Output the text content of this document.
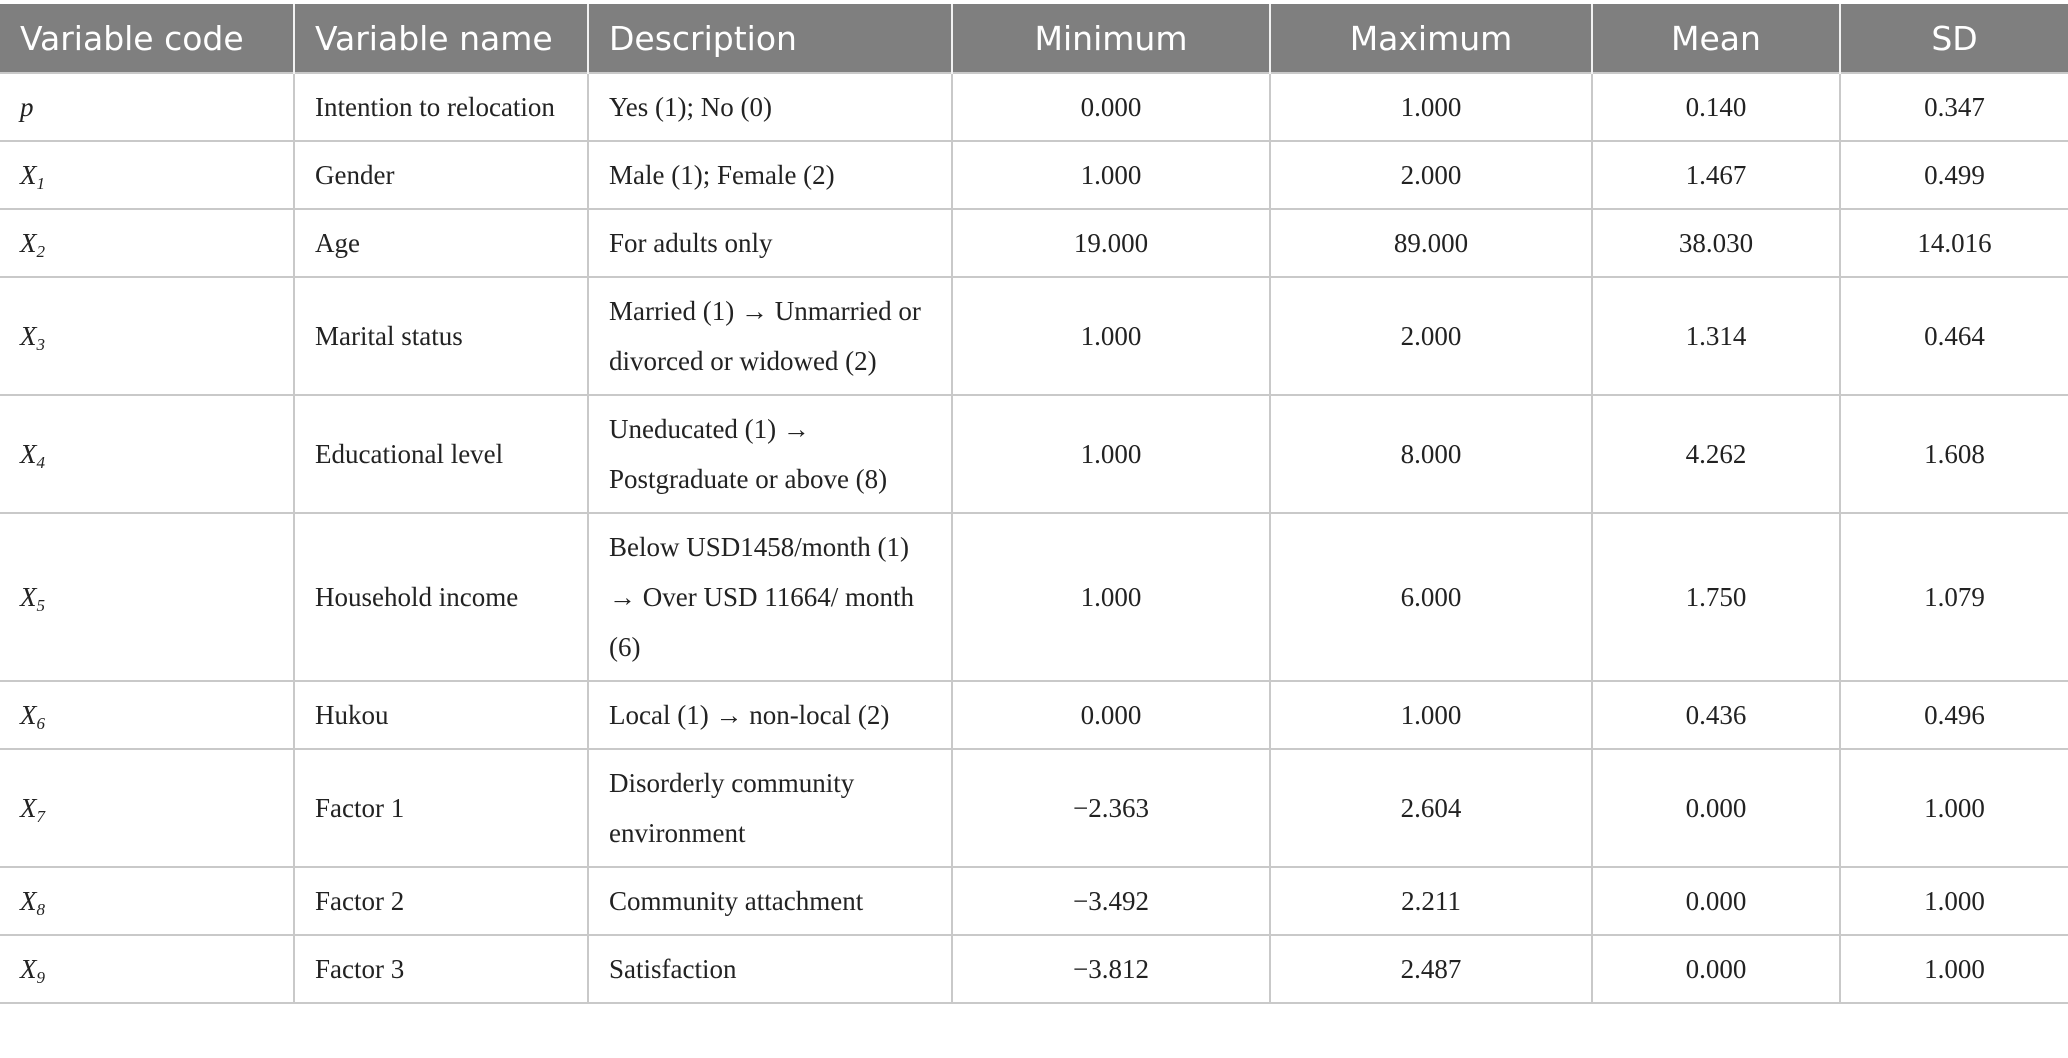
Variable code	Variable name	Description	Minimum	Maximum	Mean	SD
p	Intention to relocation	Yes (1); No (0)	0.000	1.000	0.140	0.347
$X_1$	Gender	Male (1); Female (2)	1.000	2.000	1.467	0.499
$X_2$	Age	For adults only	19.000	89.000	38.030	14.016
$X_3$	Marital status	Married (1) → Unmarried or divorced or widowed (2)	1.000	2.000	1.314	0.464
$X_4$	Educational level	Uneducated (1) → Postgraduate or above (8)	1.000	8.000	4.262	1.608
$X_5$	Household income	Below USD1458/month (1) → Over USD 11664/ month (6)	1.000	6.000	1.750	1.079
$X_6$	Hukou	Local (1) → non-local (2)	0.000	1.000	0.436	0.496
$X_7$	Factor 1	Disorderly community environment	−2.363	2.604	0.000	1.000
$X_8$	Factor 2	Community attachment	−3.492	2.211	0.000	1.000
$X_9$	Factor 3	Satisfaction	−3.812	2.487	0.000	1.000
